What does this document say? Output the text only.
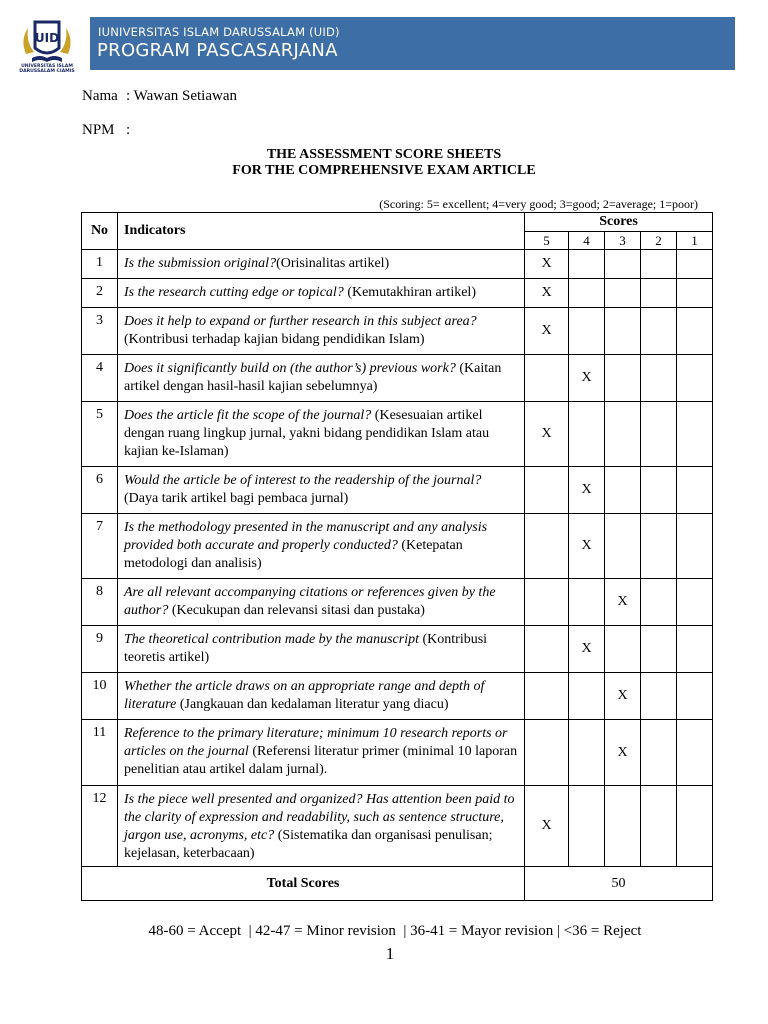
UID
UNIVERSITAS ISLAM
DARUSSALAM CIAMIS
IUNIVERSITAS ISLAM DARUSSALAM (UID)
PROGRAM PASCASARJANA
Nama : Wawan Setiawan
NPM :
THE ASSESSMENT SCORE SHEETS
FOR THE COMPREHENSIVE EXAM ARTICLE
(Scoring: 5= excellent; 4=very good; 3=good; 2=average; 1=poor)
No	Indicators	Scores				
		5	4	3	2	1
1	Is the submission original?(Orisinalitas artikel)	X				
2	Is the research cutting edge or topical? (Kemutakhiran artikel)	X				
3	Does it help to expand or further research in this subject area? (Kontribusi terhadap kajian bidang pendidikan Islam)	X				
4	Does it significantly build on (the author’s) previous work? (Kaitan artikel dengan hasil-hasil kajian sebelumnya)		X			
5	Does the article fit the scope of the journal? (Kesesuaian artikel dengan ruang lingkup jurnal, yakni bidang pendidikan Islam atau kajian ke-Islaman)	X				
6	Would the article be of interest to the readership of the journal? (Daya tarik artikel bagi pembaca jurnal)		X			
7	Is the methodology presented in the manuscript and any analysis provided both accurate and properly conducted? (Ketepatan metodologi dan analisis)		X			
8	Are all relevant accompanying citations or references given by the author? (Kecukupan dan relevansi sitasi dan pustaka)			X		
9	The theoretical contribution made by the manuscript (Kontribusi teoretis artikel)		X			
10	Whether the article draws on an appropriate range and depth of literature (Jangkauan dan kedalaman literatur yang diacu)			X		
11	Reference to the primary literature; minimum 10 research reports or articles on the journal (Referensi literatur primer (minimal 10 laporan penelitian atau artikel dalam jurnal).			X		
12	Is the piece well presented and organized? Has attention been paid to the clarity of expression and readability, such as sentence structure, jargon use, acronyms, etc? (Sistematika dan organisasi penulisan; kejelasan, keterbacaan)	X				
Total Scores		50				
48-60 = Accept  | 42-47 = Minor revision  | 36-41 = Mayor revision | <36 = Reject
1
